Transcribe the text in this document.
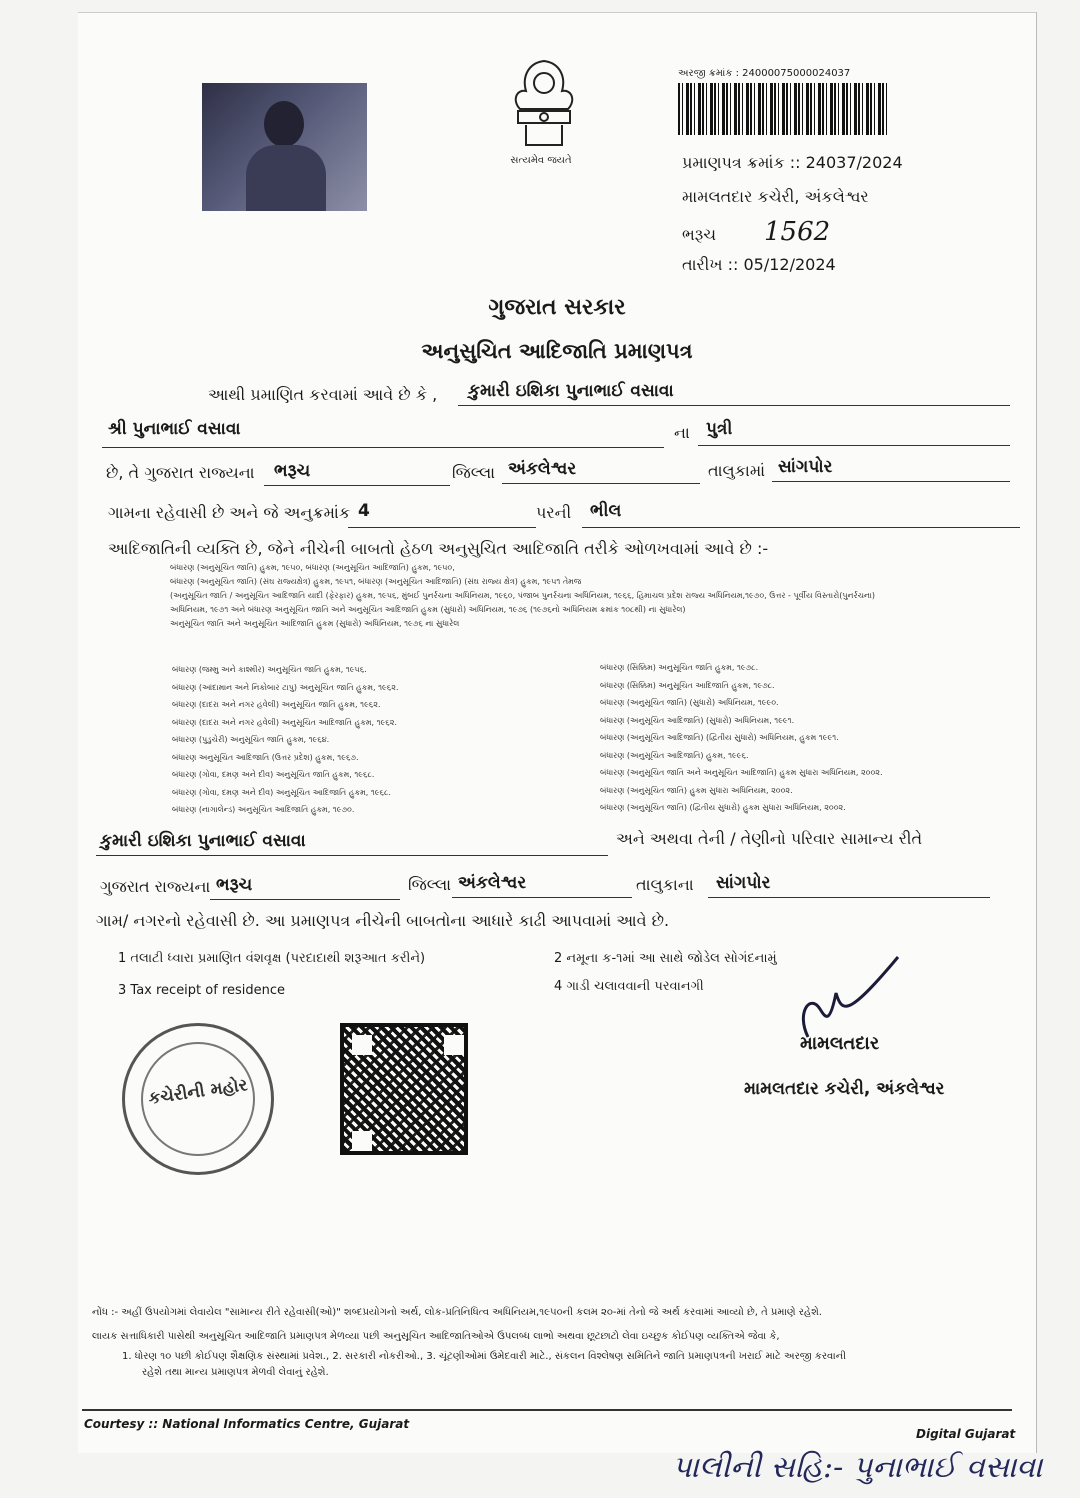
સત્યમેવ જયતે
અરજી ક્રમાંક : 24000075000024037
પ્રમાણપત્ર ક્રમાંક :: 24037/2024
મામલતદાર કચેરી, અંકલેશ્વર
ભરૂચ 1562
તારીખ :: 05/12/2024
ગુજરાત સરકાર
અનુસુચિત આદિજાતિ પ્રમાણપત્ર
આથી પ્રમાણિત કરવામાં આવે છે કે , કુમારી ઇશિકા પુનાભાઈ વસાવા
શ્રી પુનાભાઈ વસાવા	ના પુત્રી
છે, તે ગુજરાત રાજ્યના ભરૂચ	જિલ્લા અંકલેશ્વર	તાલુકામાં સાંગપોર
ગામના રહેવાસી છે અને જે અનુક્રમાંક 4	પરની ભીલ
આદિજાતિની વ્યક્તિ છે, જેને નીચેની બાબતો હેઠળ અનુસુચિત આદિજાતિ તરીકે ઓળખવામાં આવે છે :-
બંધારણ (અનુસૂચિત જાતિ) હુકમ, ૧૯૫૦, બંધારણ (અનુસૂચિત આદિજાતિ) હુકમ, ૧૯૫૦,
બંધારણ (અનુસૂચિત જાતિ) (સંઘ રાજ્યક્ષેત્ર) હુકમ, ૧૯૫૧, બંધારણ (અનુસૂચિત આદિજાતિ) (સંઘ રાજ્ય ક્ષેત્ર) હુકમ, ૧૯૫૧ તેમજ
(અનુસૂચિત જાતિ / અનુસૂચિત આદિજાતિ યાદી (ફેરફાર) હુકમ, ૧૯૫૬, મુંબઈ પુનર્રચના અધિનિયમ, ૧૯૬૦, પંજાબ પુનર્રચના અધિનિયમ, ૧૯૬૬, હિમાચલ પ્રદેશ રાજ્ય અધિનિયમ,૧૯૭૦, ઉત્તર - પૂર્વીય વિસ્તારો(પુનર્રચના)
અધિનિયમ, ૧૯૭૧ અને બંધારણ અનુસૂચિત જાતિ અને અનુસૂચિત આદિજાતિ હુકમ (સુધારો) અધિનિયમ, ૧૯૭૬ (૧૯૭૬નો અધિનિયમ ક્રમાંક ૧૦૮થી) ના સુધારેલ)
અનુસૂચિત જાતિ અને અનુસૂચિત આદિજાતિ હુકમ (સુધારો) અધિનિયમ, ૧૯૭૬ ના સુધારેલ
બંધારણ (જમ્મુ અને કાશ્મીર) અનુસૂચિત જાતિ હુકમ, ૧૯૫૬.
બંધારણ (આંદામાન અને નિકોબાર ટાપુ) અનુસૂચિત જાતિ હુકમ, ૧૯૬૨.
બંધારણ (દાદરા અને નગર હવેલી) અનુસૂચિત જાતિ હુકમ, ૧૯૬૨.
બંધારણ (દાદરા અને નગર હવેલી) અનુસૂચિત આદિજાતિ હુકમ, ૧૯૬૨.
બંધારણ (પુડુચેરી) અનુસૂચિત જાતિ હુકમ, ૧૯૬૪.
બંધારણ અનુસૂચિત આદિજાતિ (ઉત્તર પ્રદેશ) હુકમ, ૧૯૬૭.
બંધારણ (ગોવા, દમણ અને દીવ) અનુસૂચિત જાતિ હુકમ, ૧૯૬૮.
બંધારણ (ગોવા, દમણ અને દીવ) અનુસૂચિત આદિજાતિ હુકમ, ૧૯૬૮.
બંધારણ (નાગાલેન્ડ) અનુસૂચિત આદિજાતિ હુકમ, ૧૯૭૦.
બંધારણ (સિક્કિમ) અનુસૂચિત જાતિ હુકમ, ૧૯૭૮.
બંધારણ (સિક્કિમ) અનુસૂચિત આદિજાતિ હુકમ, ૧૯૭૮.
બંધારણ (અનુસૂચિત જાતિ) (સુધારો) અધિનિયમ, ૧૯૯૦.
બંધારણ (અનુસૂચિત આદિજાતિ) (સુધારો) અધિનિયમ, ૧૯૯૧.
બંધારણ (અનુસૂચિત આદિજાતિ) (દ્વિતીય સુધારો) અધિનિયમ, હુકમ ૧૯૯૧.
બંધારણ (અનુસૂચિત આદિજાતિ) હુકમ, ૧૯૯૬.
બંધારણ (અનુસૂચિત જાતિ અને અનુસૂચિત આદિજાતિ) હુકમ સુધારા અધિનિયમ, ૨૦૦૨.
બંધારણ (અનુસૂચિત જાતિ) હુકમ સુધારા અધિનિયમ, ૨૦૦૨.
બંધારણ (અનુસૂચિત જાતિ) (દ્વિતીય સુધારો) હુકમ સુધારા અધિનિયમ, ૨૦૦૨.
કુમારી ઇશિકા પુનાભાઈ વસાવા	અને અથવા તેની / તેણીનો પરિવાર સામાન્ય રીતે
ગુજરાત રાજ્યના ભરૂચ	જિલ્લા અંકલેશ્વર	તાલુકાના સાંગપોર
ગામ/ નગરનો રહેવાસી છે. આ પ્રમાણપત્ર નીચેની બાબતોના આધારે કાઢી આપવામાં આવે છે.
1 તલાટી ધ્વારા પ્રમાણિત વંશવૃક્ષ (પરદાદાથી શરૂઆત કરીને)	2 નમૂના ક-૧માં આ સાથે જોડેલ સોગંદનામું
3 Tax receipt of residence	4 ગાડી ચલાવવાની પરવાનગી
મામલતદાર
મામલતદાર કચેરી, અંકલેશ્વર
કચેરીની મહોર
નોંધ :- અહીં ઉપયોગમાં લેવાયેલ "સામાન્ય રીતે રહેવાસી(ઓ)" શબ્દપ્રયોગનો અર્થ, લોક-પ્રતિનિધિત્વ અધિનિયમ,૧૯૫૦ની કલમ ૨૦-માં તેનો જે અર્થ કરવામાં આવ્યો છે, તે પ્રમાણે રહેશે.
લાયક સત્તાધિકારી પાસેથી અનુસૂચિત આદિજાતિ પ્રમાણપત્ર મેળવ્યા પછી અનુસૂચિત આદિજાતિઓએ ઉપલબ્ધ લાભો અથવા છૂટછાટો લેવા ઇચ્છુક કોઈપણ વ્યક્તિએ જેવા કે,
1. ધોરણ ૧૦ પછી કોઈપણ શૈક્ષણિક સંસ્થામાં પ્રવેશ., 2. સરકારી નોકરીઓ., 3. ચૂંટણીઓમાં ઉમેદવારી માટે., સંકલન વિશ્લેષણ સમિતિને જાતિ પ્રમાણપત્રની ખરાઈ માટે અરજી કરવાની
રહેશે તથા માન્ય પ્રમાણપત્ર મેળવી લેવાનું રહેશે.
Courtesy :: National Informatics Centre, Gujarat
Digital Gujarat
પાલીની સહિ:- પુનાભાઈ વસાવા
